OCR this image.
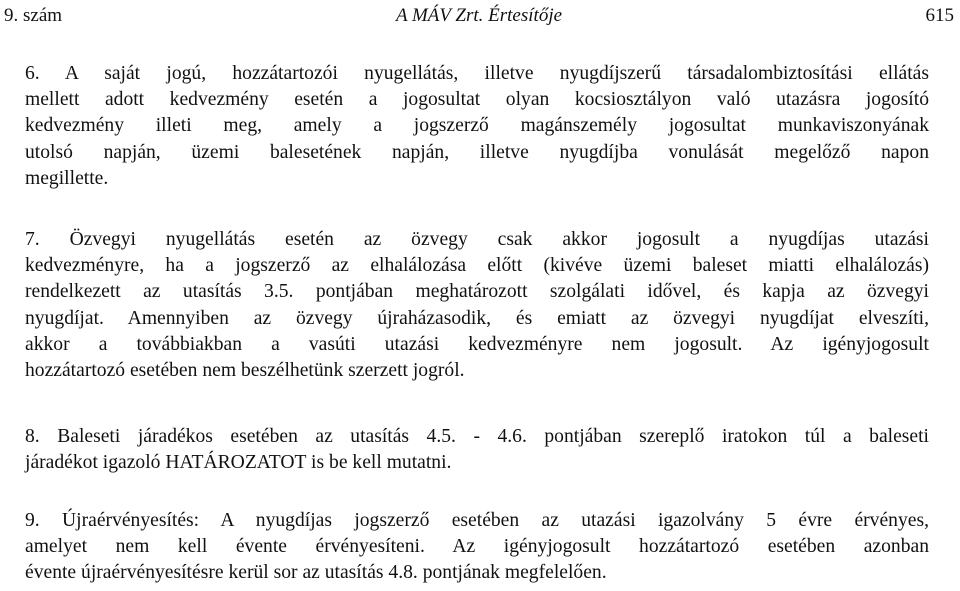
9. szám	A MÁV Zrt. Értesítője	615
6. A saját jogú, hozzátartozói nyugellátás, illetve nyugdíjszerű társadalombiztosítási ellátás
mellett adott kedvezmény esetén a jogosultat olyan kocsiosztályon való utazásra jogosító
kedvezmény illeti meg, amely a jogszerző magánszemély jogosultat munkaviszonyának
utolsó napján, üzemi balesetének napján, illetve nyugdíjba vonulását megelőző napon
megillette.
7. Özvegyi nyugellátás esetén az özvegy csak akkor jogosult a nyugdíjas utazási
kedvezményre, ha a jogszerző az elhalálozása előtt (kivéve üzemi baleset miatti elhalálozás)
rendelkezett az utasítás 3.5. pontjában meghatározott szolgálati idővel, és kapja az özvegyi
nyugdíjat. Amennyiben az özvegy újraházasodik, és emiatt az özvegyi nyugdíjat elveszíti,
akkor a továbbiakban a vasúti utazási kedvezményre nem jogosult. Az igényjogosult
hozzátartozó esetében nem beszélhetünk szerzett jogról.
8. Baleseti járadékos esetében az utasítás 4.5. - 4.6. pontjában szereplő iratokon túl a baleseti
járadékot igazoló HATÁROZATOT is be kell mutatni.
9. Újraérvényesítés: A nyugdíjas jogszerző esetében az utazási igazolvány 5 évre érvényes,
amelyet nem kell évente érvényesíteni. Az igényjogosult hozzátartozó esetében azonban
évente újraérvényesítésre kerül sor az utasítás 4.8. pontjának megfelelően.
